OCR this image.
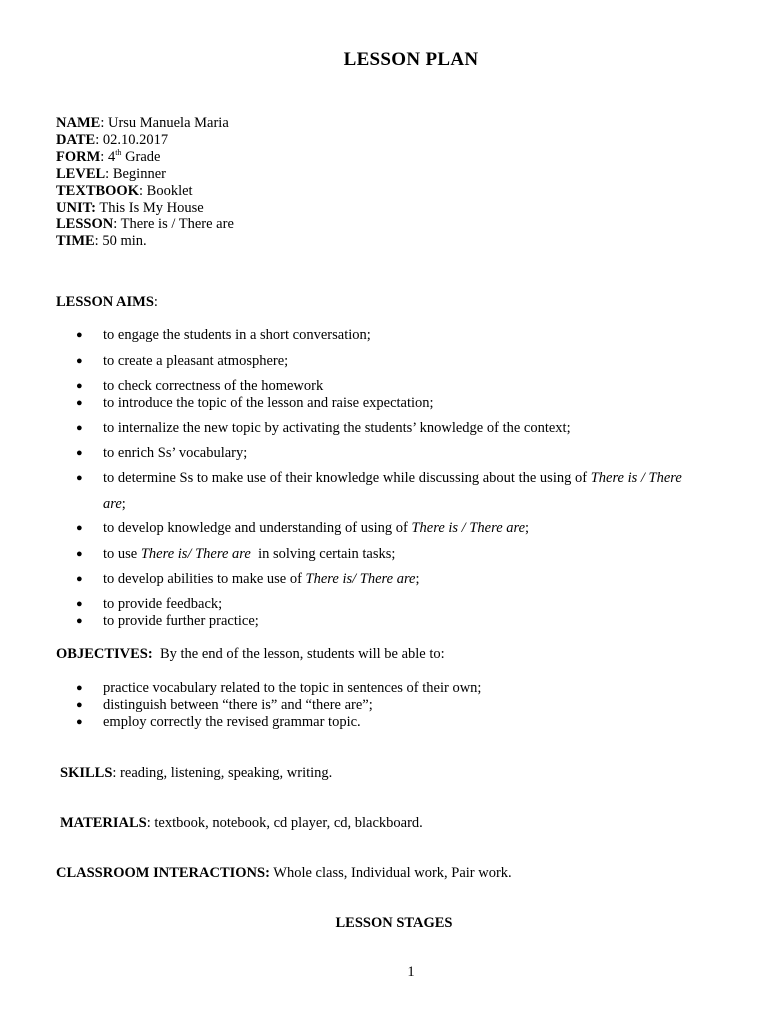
LESSON PLAN
NAME: Ursu Manuela Maria
DATE: 02.10.2017
FORM: 4th Grade
LEVEL: Beginner
TEXTBOOK: Booklet
UNIT: This Is My House
LESSON: There is / There are
TIME: 50 min.
LESSON AIMS:
● to engage the students in a short conversation;
● to create a pleasant atmosphere;
● to check correctness of the homework
● to introduce the topic of the lesson and raise expectation;
● to internalize the new topic by activating the students’ knowledge of the context;
● to enrich Ss’ vocabulary;
● to determine Ss to make use of their knowledge while discussing about the using of There is / There
are;
● to develop knowledge and understanding of using of There is / There are;
● to use There is/ There are  in solving certain tasks;
● to develop abilities to make use of There is/ There are;
● to provide feedback;
● to provide further practice;
OBJECTIVES:  By the end of the lesson, students will be able to:
● practice vocabulary related to the topic in sentences of their own;
● distinguish between “there is” and “there are”;
● employ correctly the revised grammar topic.
SKILLS: reading, listening, speaking, writing.
MATERIALS: textbook, notebook, cd player, cd, blackboard.
CLASSROOM INTERACTIONS: Whole class, Individual work, Pair work.
LESSON STAGES
1
